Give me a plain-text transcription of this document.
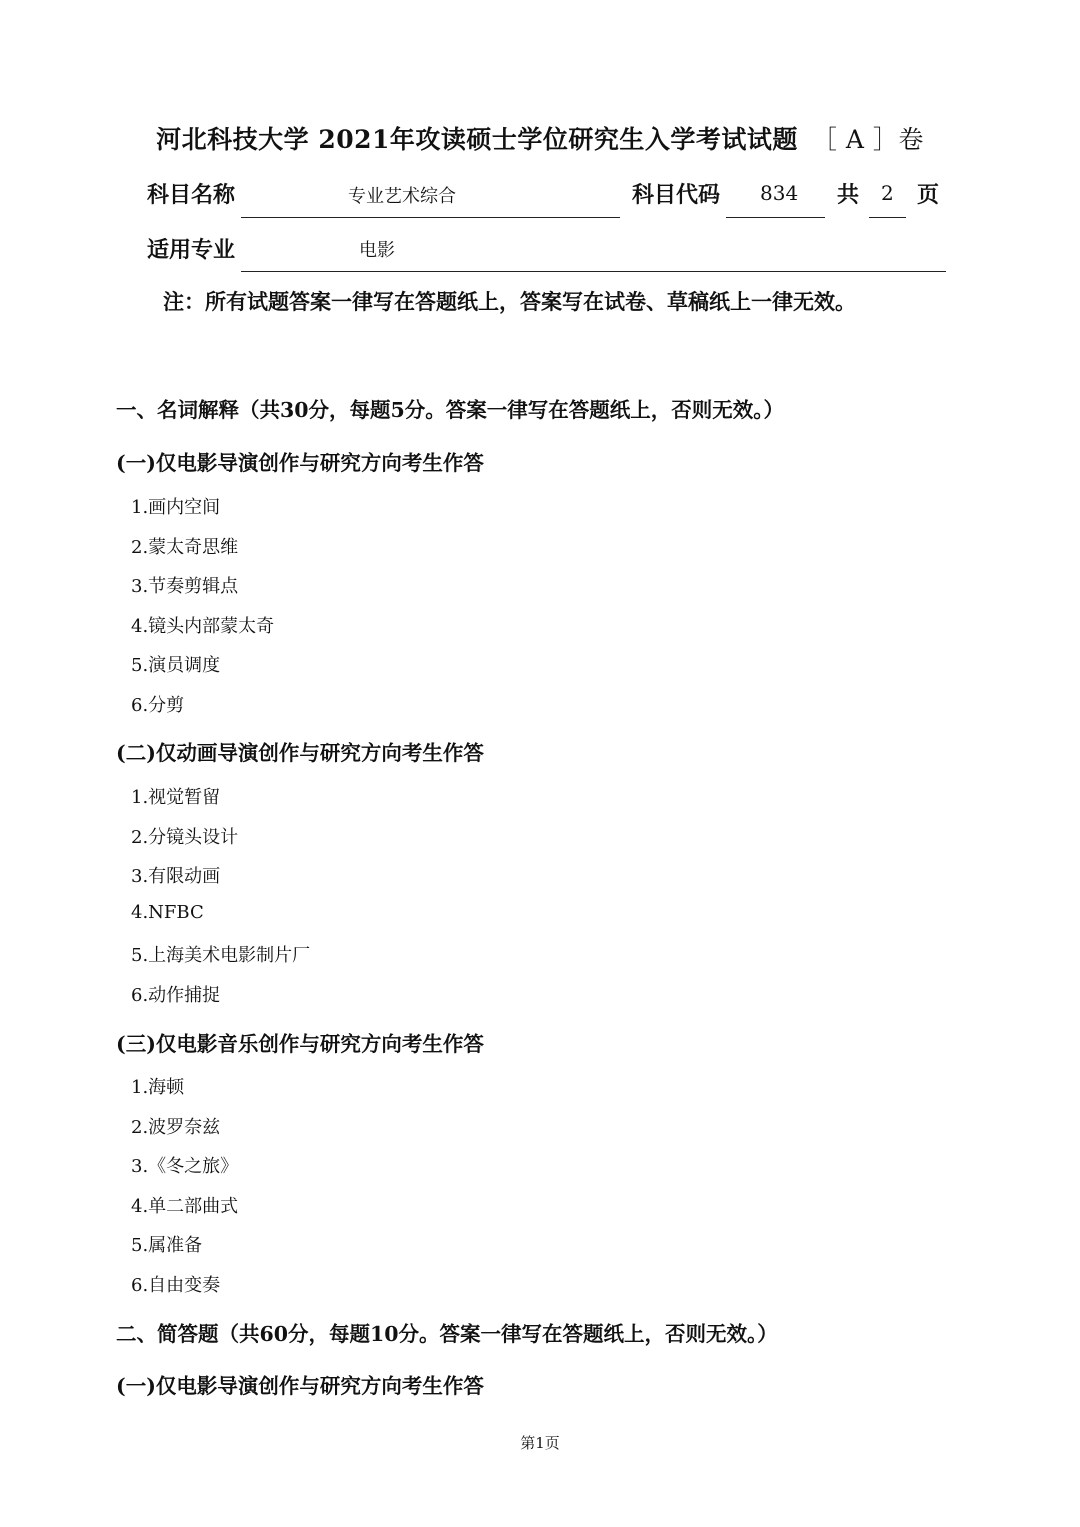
河北科技大学 2021年攻读硕士学位研究生入学考试试题 ［ A ］卷
科目名称	专业艺术综合	科目代码 834 共 2 页
适用专业	电影
注：所有试题答案一律写在答题纸上，答案写在试卷、草稿纸上一律无效。
一、名词解释（共30分，每题5分。答案一律写在答题纸上，否则无效。）
(一)仅电影导演创作与研究方向考生作答
1.画内空间
2.蒙太奇思维
3.节奏剪辑点
4.镜头内部蒙太奇
5.演员调度
6.分剪
(二)仅动画导演创作与研究方向考生作答
1.视觉暂留
2.分镜头设计
3.有限动画
4.NFBC
5.上海美术电影制片厂
6.动作捕捉
(三)仅电影音乐创作与研究方向考生作答
1.海顿
2.波罗奈兹
3.《冬之旅》
4.单二部曲式
5.属准备
6.自由变奏
二、简答题（共60分，每题10分。答案一律写在答题纸上，否则无效。）
(一)仅电影导演创作与研究方向考生作答
第1页
